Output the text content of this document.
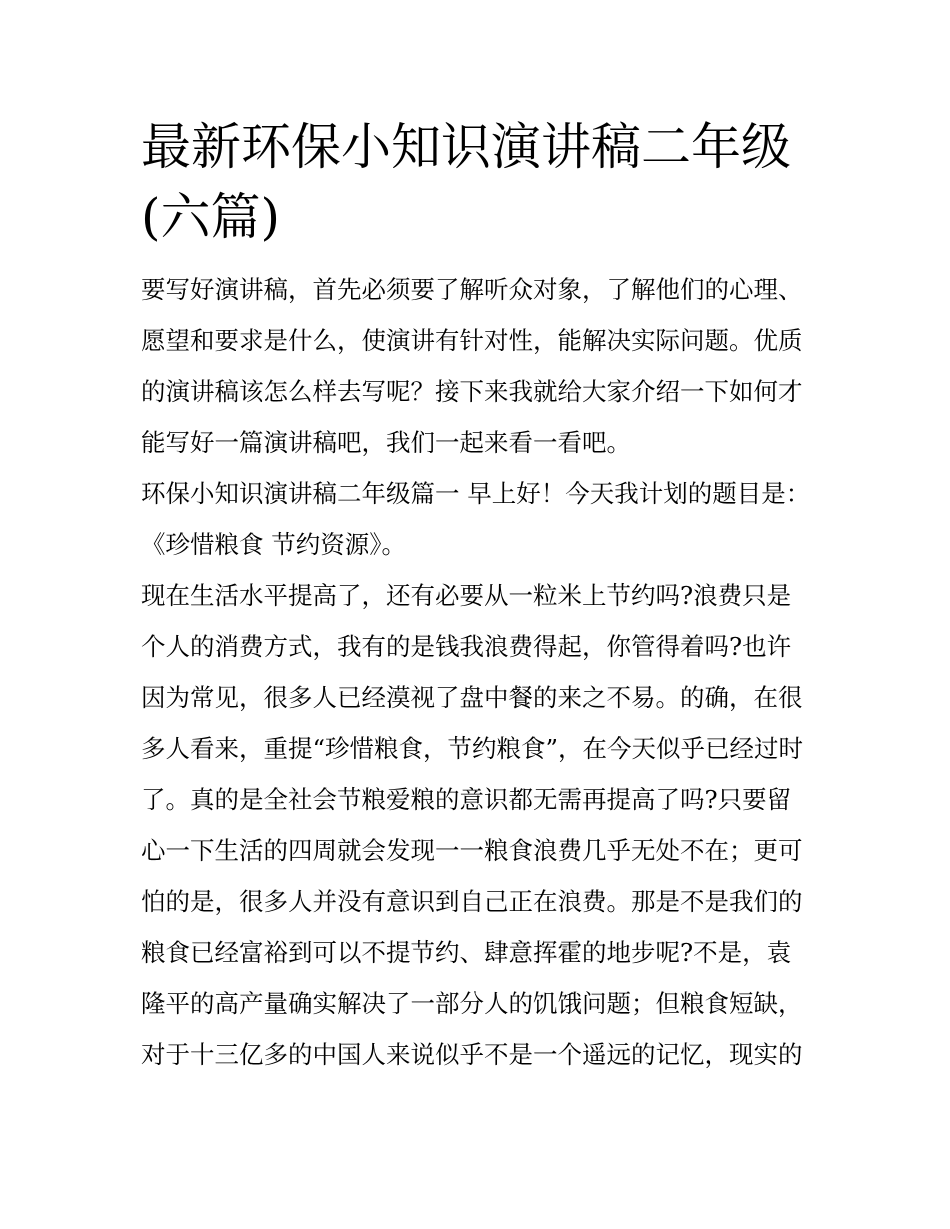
最新环保小知识演讲稿二年级(六篇)

要写好演讲稿，首先必须要了解听众对象，了解他们的心理、愿望和要求是什么，使演讲有针对性，能解决实际问题。优质的演讲稿该怎么样去写呢？接下来我就给大家介绍一下如何才能写好一篇演讲稿吧，我们一起来看一看吧。

环保小知识演讲稿二年级篇一 早上好！今天我计划的题目是：《珍惜粮食 节约资源》。

现在生活水平提高了，还有必要从一粒米上节约吗?浪费只是个人的消费方式，我有的是钱我浪费得起，你管得着吗?也许因为常见，很多人已经漠视了盘中餐的来之不易。的确，在很多人看来，重提“珍惜粮食，节约粮食”，在今天似乎已经过时了。真的是全社会节粮爱粮的意识都无需再提高了吗?只要留心一下生活的四周就会发现一一粮食浪费几乎无处不在；更可怕的是，很多人并没有意识到自己正在浪费。那是不是我们的粮食已经富裕到可以不提节约、肆意挥霍的地步呢?不是，袁隆平的高产量确实解决了一部分人的饥饿问题；但粮食短缺，对于十三亿多的中国人来说似乎不是一个遥远的记忆，现实的
